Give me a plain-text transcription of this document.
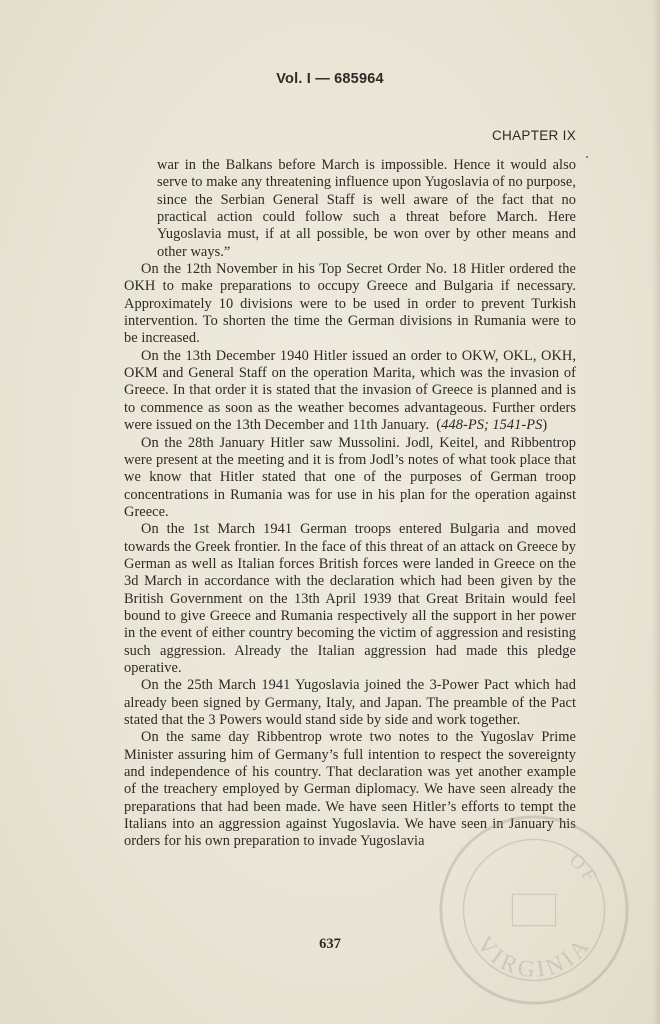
Vol. I — 685964
CHAPTER IX

war in the Balkans before March is impossible. Hence it would also serve to make any threatening influence upon Yugoslavia of no purpose, since the Serbian General Staff is well aware of the fact that no practical action could follow such a threat before March. Here Yugoslavia must, if at all possible, be won over by other means and other ways.”

On the 12th November in his Top Secret Order No. 18 Hitler ordered the OKH to make preparations to occupy Greece and Bulgaria if necessary. Approximately 10 divisions were to be used in order to prevent Turkish intervention. To shorten the time the German divisions in Rumania were to be increased.

On the 13th December 1940 Hitler issued an order to OKW, OKL, OKH, OKM and General Staff on the operation Marita, which was the invasion of Greece. In that order it is stated that the invasion of Greece is planned and is to commence as soon as the weather becomes advantageous. Further orders were issued on the 13th December and 11th January.  (448-PS; 1541-PS)

On the 28th January Hitler saw Mussolini. Jodl, Keitel, and Ribbentrop were present at the meeting and it is from Jodl’s notes of what took place that we know that Hitler stated that one of the purposes of German troop concentrations in Rumania was for use in his plan for the operation against Greece.

On the 1st March 1941 German troops entered Bulgaria and moved towards the Greek frontier. In the face of this threat of an attack on Greece by German as well as Italian forces British forces were landed in Greece on the 3d March in accordance with the declaration which had been given by the British Government on the 13th April 1939 that Great Britain would feel bound to give Greece and Rumania respectively all the support in her power in the event of either country becoming the victim of aggression and resisting such aggression. Already the Italian aggression had made this pledge operative.

On the 25th March 1941 Yugoslavia joined the 3-Power Pact which had already been signed by Germany, Italy, and Japan. The preamble of the Pact stated that the 3 Powers would stand side by side and work together.

On the same day Ribbentrop wrote two notes to the Yugoslav Prime Minister assuring him of Germany’s full intention to respect the sovereignty and independence of his country. That declaration was yet another example of the treachery employed by German diplomacy. We have seen already the preparations that had been made. We have seen Hitler’s efforts to tempt the Italians into an aggression against Yugoslavia. We have seen in January his orders for his own preparation to invade Yugoslavia

637
OF
VIRGINIA
